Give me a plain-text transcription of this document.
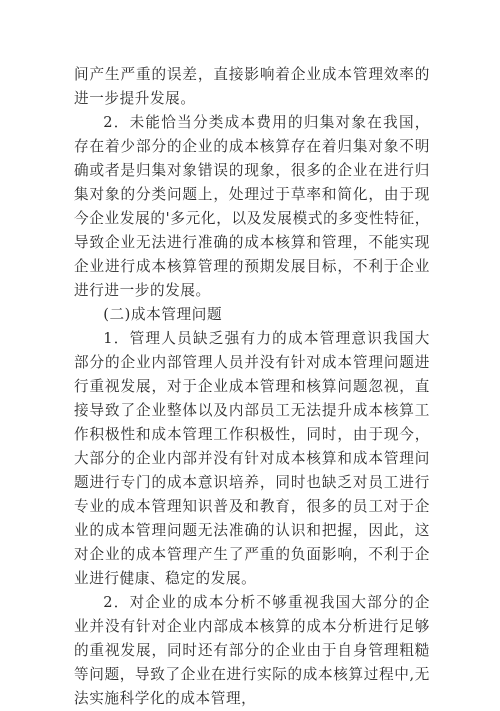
间产生严重的误差，直接影响着企业成本管理效率的进一步提升发展。

2．未能恰当分类成本费用的归集对象在我国，存在着少部分的企业的成本核算存在着归集对象不明确或者是归集对象错误的现象，很多的企业在进行归集对象的分类问题上，处理过于草率和简化，由于现今企业发展的'多元化，以及发展模式的多变性特征，导致企业无法进行准确的成本核算和管理，不能实现企业进行成本核算管理的预期发展目标，不利于企业进行进一步的发展。

(二)成本管理问题

1．管理人员缺乏强有力的成本管理意识我国大部分的企业内部管理人员并没有针对成本管理问题进行重视发展，对于企业成本管理和核算问题忽视，直接导致了企业整体以及内部员工无法提升成本核算工作积极性和成本管理工作积极性，同时，由于现今，大部分的企业内部并没有针对成本核算和成本管理问题进行专门的成本意识培养，同时也缺乏对员工进行专业的成本管理知识普及和教育，很多的员工对于企业的成本管理问题无法准确的认识和把握，因此，这对企业的成本管理产生了严重的负面影响，不利于企业进行健康、稳定的发展。

2．对企业的成本分析不够重视我国大部分的企业并没有针对企业内部成本核算的成本分析进行足够的重视发展，同时还有部分的企业由于自身管理粗糙等问题，导致了企业在进行实际的成本核算过程中,无法实施科学化的成本管理，
